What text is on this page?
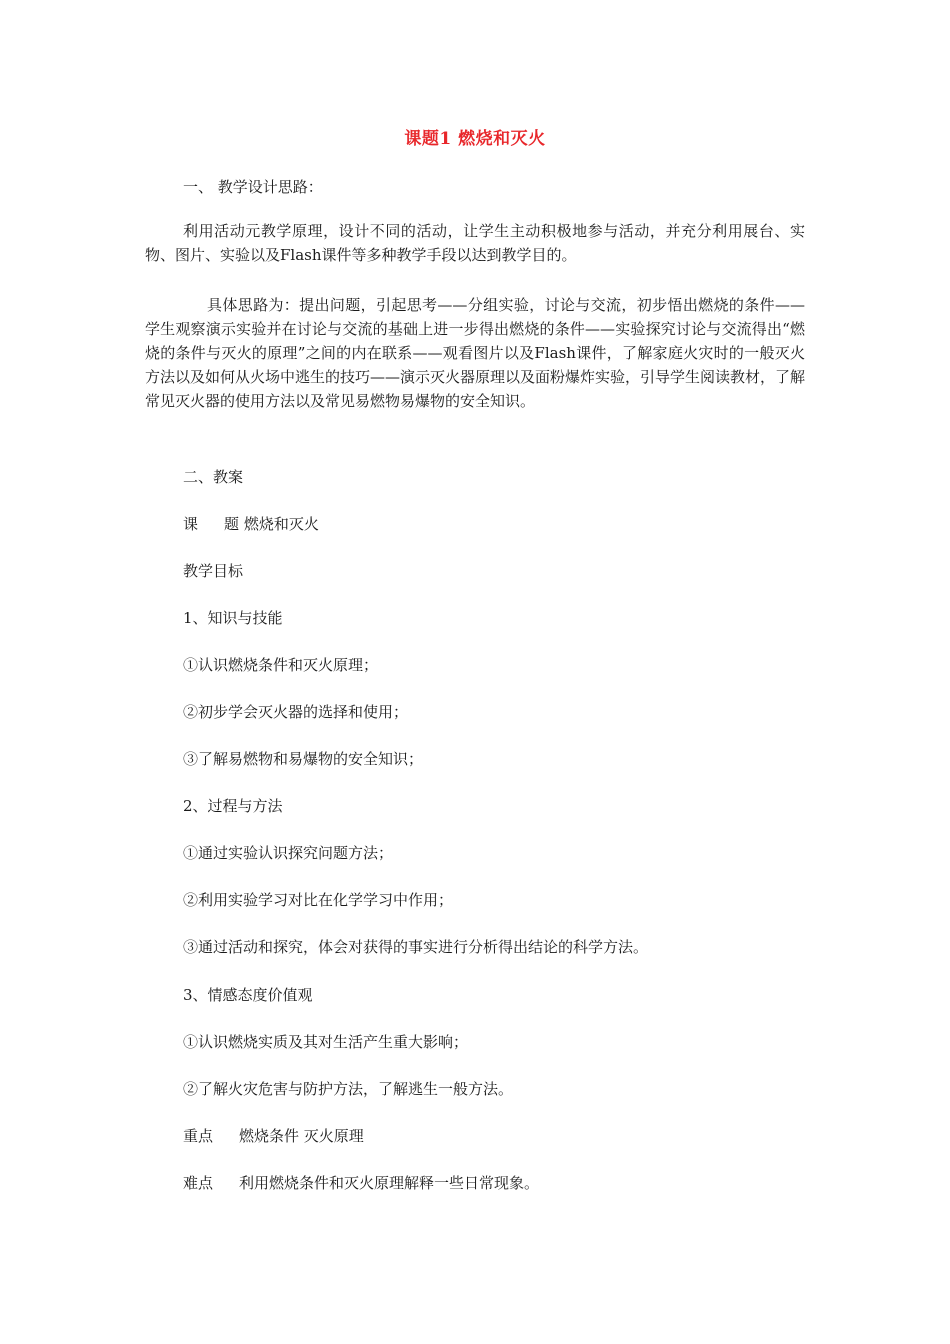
课题1 燃烧和灭火
一、 教学设计思路：
利用活动元教学原理，设计不同的活动，让学生主动积极地参与活动，并充分利用展台、实物、图片、实验以及Flash课件等多种教学手段以达到教学目的。
具体思路为：提出问题，引起思考——分组实验，讨论与交流，初步悟出燃烧的条件——学生观察演示实验并在讨论与交流的基础上进一步得出燃烧的条件——实验探究讨论与交流得出“燃烧的条件与灭火的原理”之间的内在联系——观看图片以及Flash课件，了解家庭火灾时的一般灭火方法以及如何从火场中逃生的技巧——演示灭火器原理以及面粉爆炸实验，引导学生阅读教材，了解常见灭火器的使用方法以及常见易燃物易爆物的安全知识。
二、教案
课 题 燃烧和灭火
教学目标
1、知识与技能
①认识燃烧条件和灭火原理；
②初步学会灭火器的选择和使用；
③了解易燃物和易爆物的安全知识；
2、过程与方法
①通过实验认识探究问题方法；
②利用实验学习对比在化学学习中作用；
③通过活动和探究，体会对获得的事实进行分析得出结论的科学方法。
3、情感态度价值观
①认识燃烧实质及其对生活产生重大影响；
②了解火灾危害与防护方法，了解逃生一般方法。
重点 燃烧条件 灭火原理
难点 利用燃烧条件和灭火原理解释一些日常现象。
